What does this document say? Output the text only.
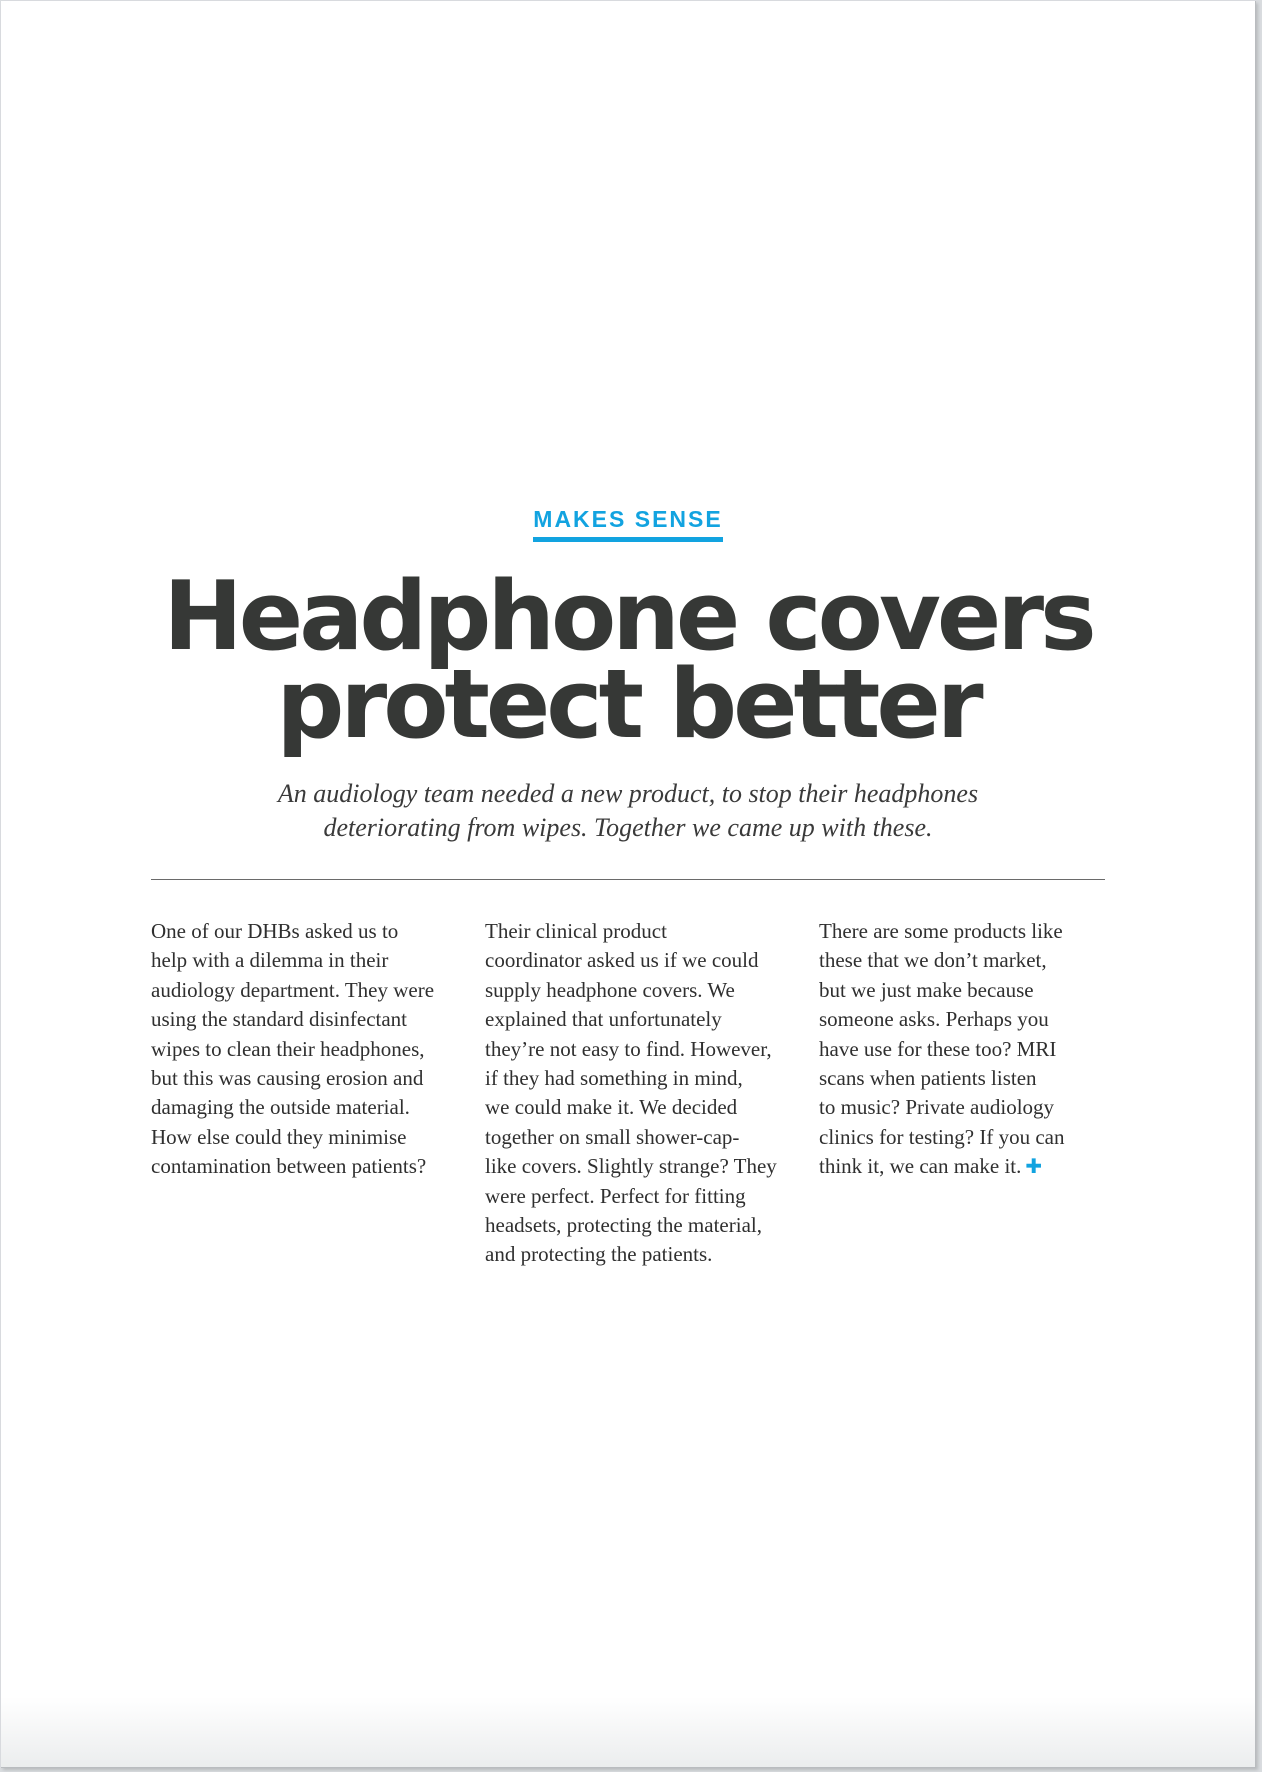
MAKES SENSE
Headphone covers
protect better

An audiology team needed a new product, to stop their headphones
deteriorating from wipes. Together we came up with these.

One of our DHBs asked us to
help with a dilemma in their
audiology department. They were
using the standard disinfectant
wipes to clean their headphones,
but this was causing erosion and
damaging the outside material.
How else could they minimise
contamination between patients?

Their clinical product
coordinator asked us if we could
supply headphone covers. We
explained that unfortunately
they’re not easy to find. However,
if they had something in mind,
we could make it. We decided
together on small shower-cap-
like covers. Slightly strange? They
were perfect. Perfect for fitting
headsets, protecting the material,
and protecting the patients.

There are some products like
these that we don’t market,
but we just make because
someone asks. Perhaps you
have use for these too? MRI
scans when patients listen
to music? Private audiology
clinics for testing? If you can
think it, we can make it. ✚
